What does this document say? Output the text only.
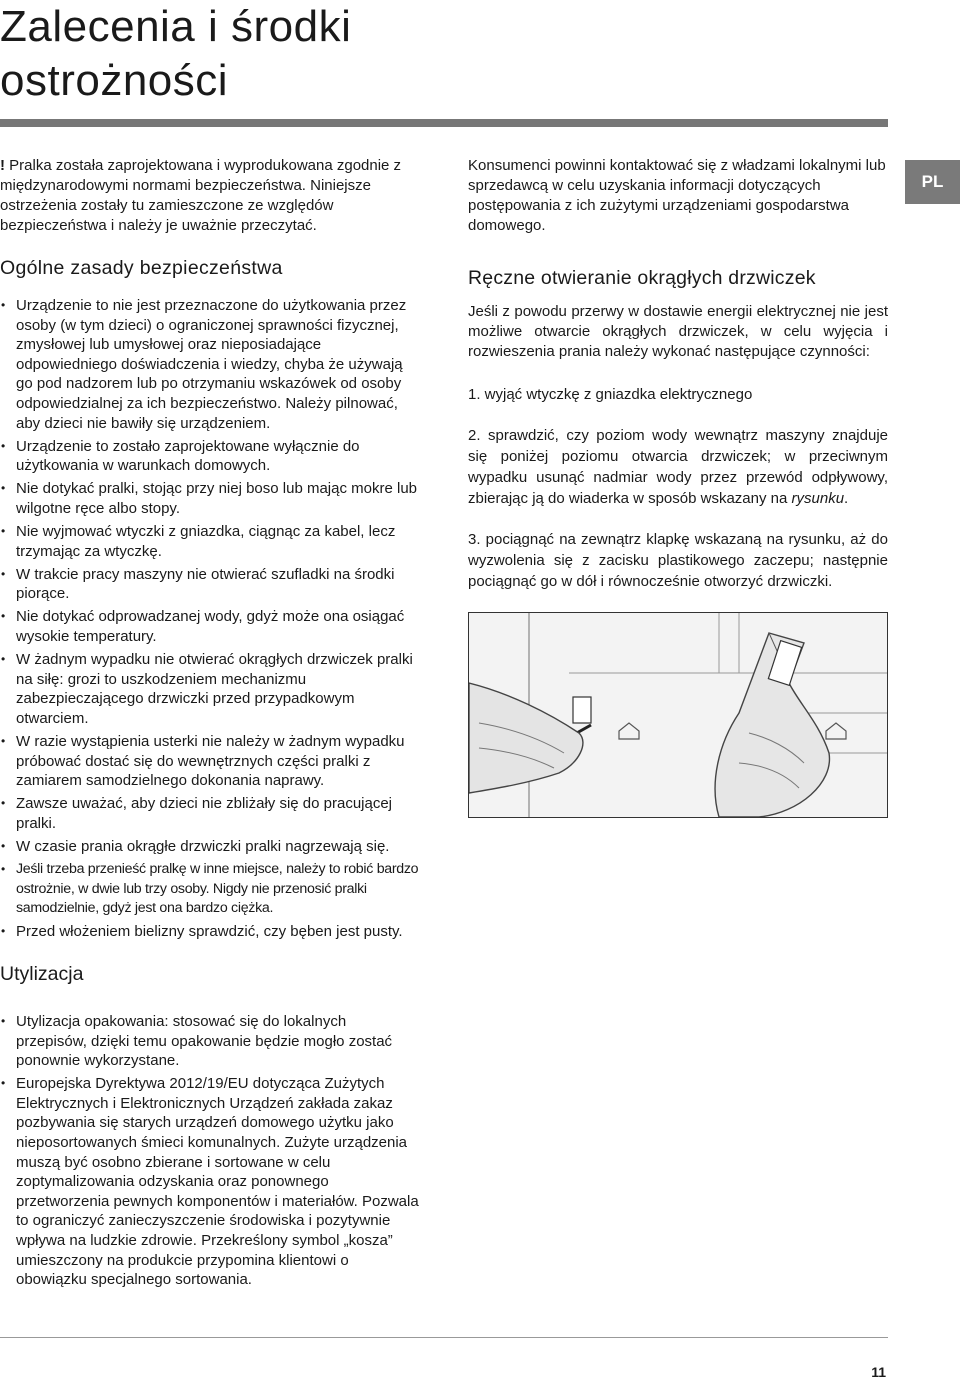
Zalecenia i środki
ostrożności
PL

! Pralka została zaprojektowana i wyprodukowana zgodnie z międzynarodowymi normami bezpieczeństwa. Niniejsze ostrzeżenia zostały tu zamieszczone ze względów bezpieczeństwa i należy je uważnie przeczytać.

Ogólne zasady bezpieczeństwa
• Urządzenie to nie jest przeznaczone do użytkowania przez osoby (w tym dzieci) o ograniczonej sprawności fizycznej, zmysłowej lub umysłowej oraz nieposiadające odpowiedniego doświadczenia i wiedzy, chyba że używają go pod nadzorem lub po otrzymaniu wskazówek od osoby odpowiedzialnej za ich bezpieczeństwo. Należy pilnować, aby dzieci nie bawiły się urządzeniem.
• Urządzenie to zostało zaprojektowane wyłącznie do użytkowania w warunkach domowych.
• Nie dotykać pralki, stojąc przy niej boso lub mając mokre lub wilgotne ręce albo stopy.
• Nie wyjmować wtyczki z gniazdka, ciągnąc za kabel, lecz trzymając za wtyczkę.
• W trakcie pracy maszyny nie otwierać szufladki na środki piorące.
• Nie dotykać odprowadzanej wody, gdyż może ona osiągać wysokie temperatury.
• W żadnym wypadku nie otwierać okrągłych drzwiczek pralki na siłę: grozi to uszkodzeniem mechanizmu zabezpieczającego drzwiczki przed przypadkowym otwarciem.
• W razie wystąpienia usterki nie należy w żadnym wypadku próbować dostać się do wewnętrznych części pralki z zamiarem samodzielnego dokonania naprawy.
• Zawsze uważać, aby dzieci nie zbliżały się do pracującej pralki.
• W czasie prania okrągłe drzwiczki pralki nagrzewają się.
• Jeśli trzeba przenieść pralkę w inne miejsce, należy to robić bardzo ostrożnie, w dwie lub trzy osoby. Nigdy nie przenosić pralki samodzielnie, gdyż jest ona bardzo ciężka.
• Przed włożeniem bielizny sprawdzić, czy bęben jest pusty.
Utylizacja
• Utylizacja opakowania: stosować się do lokalnych przepisów, dzięki temu opakowanie będzie mogło zostać ponownie wykorzystane.
• Europejska Dyrektywa 2012/19/EU dotycząca Zużytych Elektrycznych i Elektronicznych Urządzeń zakłada zakaz pozbywania się starych urządzeń domowego użytku jako nieposortowanych śmieci komunalnych. Zużyte urządzenia muszą być osobno zbierane i sortowane w celu zoptymalizowania odzyskania oraz ponownego przetworzenia pewnych komponentów i materiałów. Pozwala to ograniczyć zanieczyszczenie środowiska i pozytywnie wpływa na ludzkie zdrowie. Przekreślony symbol „kosza” umieszczony na produkcie przypomina klientowi o obowiązku specjalnego sortowania.

Konsumenci powinni kontaktować się z władzami lokalnymi lub sprzedawcą w celu uzyskania informacji dotyczących postępowania z ich zużytymi urządzeniami gospodarstwa domowego.

Ręczne otwieranie okrągłych drzwiczek

Jeśli z powodu przerwy w dostawie energii elektrycznej nie jest możliwe otwarcie okrągłych drzwiczek, w celu wyjęcia i rozwieszenia prania należy wykonać następujące czynności:

1. wyjąć wtyczkę z gniazdka elektrycznego

2. sprawdzić, czy poziom wody wewnątrz maszyny znajduje się poniżej poziomu otwarcia drzwiczek; w przeciwnym wypadku usunąć nadmiar wody przez przewód odpływowy, zbierając ją do wiaderka w sposób wskazany na rysunku.

3. pociągnąć na zewnątrz klapkę wskazaną na rysunku, aż do wyzwolenia się z zacisku plastikowego zaczepu; następnie pociągnąć go w dół i równocześnie otworzyć drzwiczki.

11
